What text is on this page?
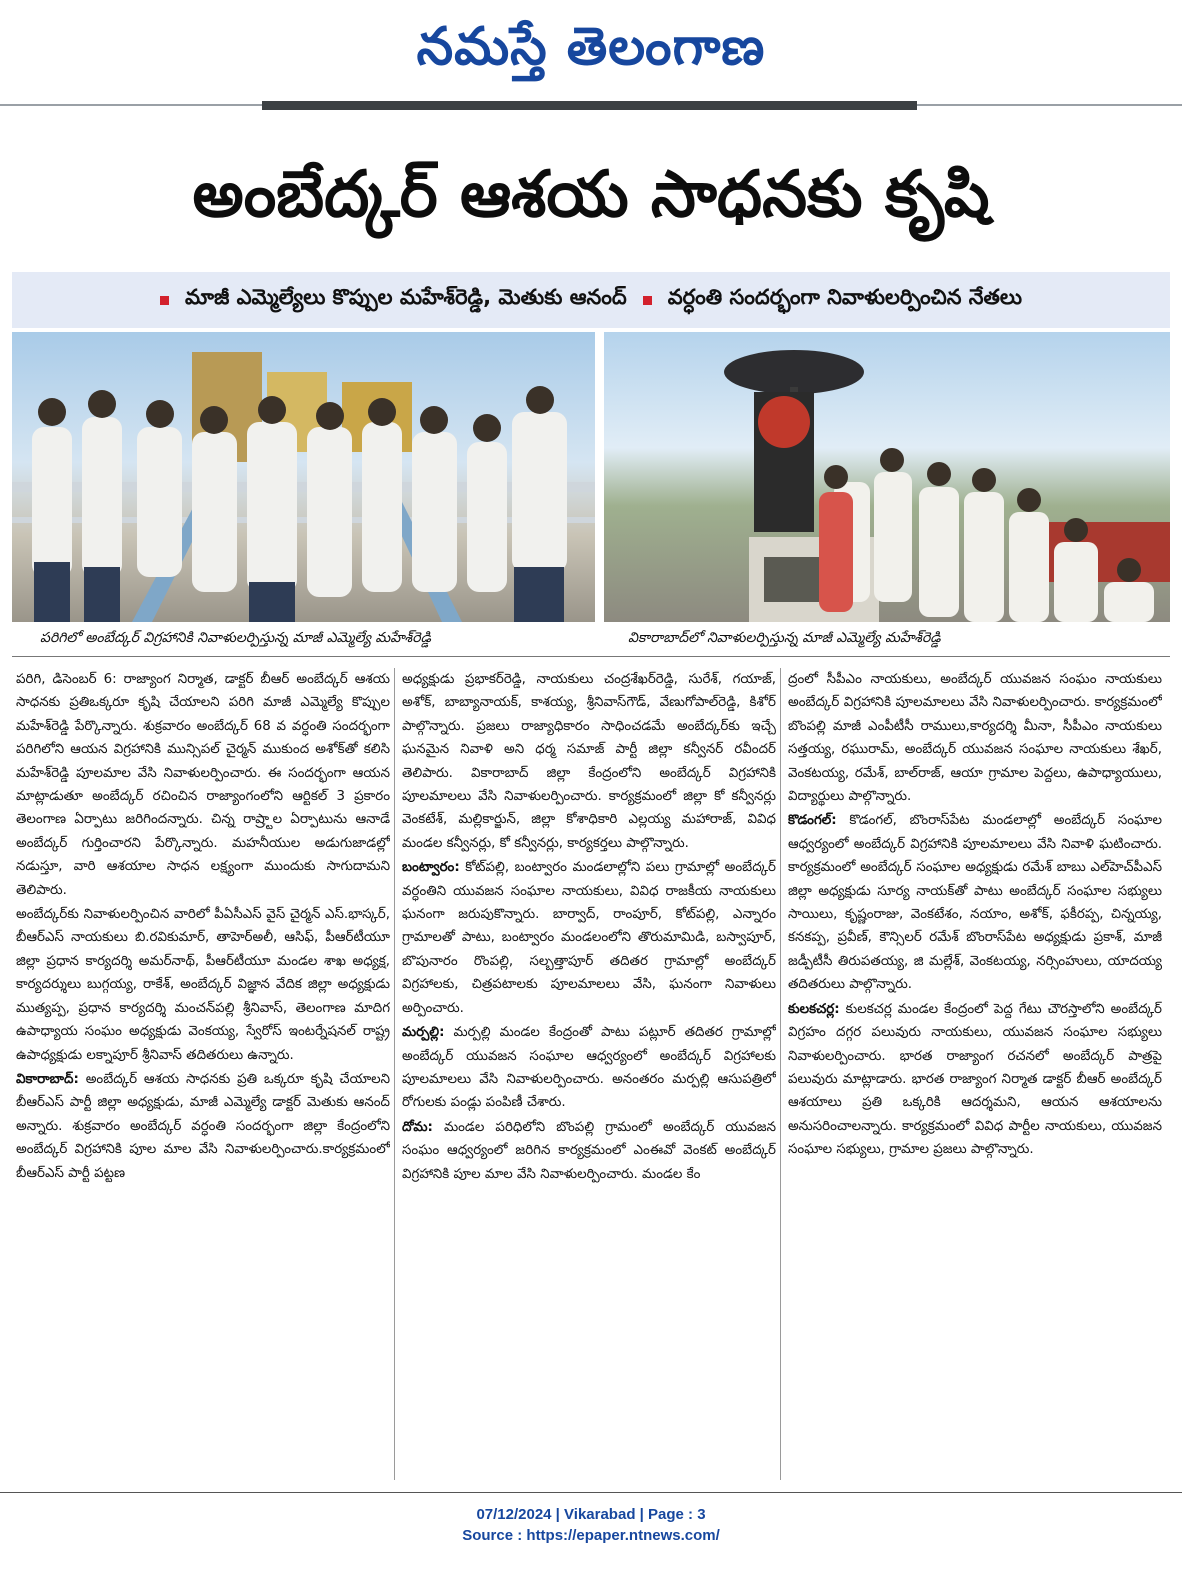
నమస్తే తెలంగాణ
అంబేద్కర్‌ ఆశయ సాధనకు కృషి
మాజీ ఎమ్మెల్యేలు కొప్పుల మహేశ్‌రెడ్డి, మెతుకు ఆనంద్‌ వర్ధంతి సందర్భంగా నివాళులర్పించిన నేతలు
పరిగిలో అంబేద్కర్‌ విగ్రహానికి నివాళులర్పిస్తున్న మాజీ ఎమ్మెల్యే మహేశ్‌రెడ్డి	వికారాబాద్‌లో నివాళులర్పిస్తున్న మాజీ ఎమ్మెల్యే మహేశ్‌రెడ్డి

పరిగి, డిసెంబర్‌ 6: రాజ్యాంగ నిర్మాత, డాక్టర్‌ బీఆర్‌ అంబేద్కర్‌ ఆశయ సాధనకు ప్రతిఒక్కరూ కృషి చేయాలని పరిగి మాజీ ఎమ్మెల్యే కొప్పుల మహేశ్‌రెడ్డి పేర్కొన్నారు. శుక్రవారం అంబేద్కర్‌ 68 వ వర్ధంతి సందర్భంగా పరిగిలోని ఆయన విగ్రహానికి మున్సిపల్‌ చైర్మన్‌ ముకుంద అశోక్‌తో కలిసి మహేశ్‌రెడ్డి పూలమాల వేసి నివాళులర్పించారు. ఈ సందర్భంగా ఆయన మాట్లాడుతూ అంబేద్కర్‌ రచించిన రాజ్యాంగంలోని ఆర్టికల్‌ 3 ప్రకారం తెలంగాణ ఏర్పాటు జరిగిందన్నారు. చిన్న రాష్ర్టాల ఏర్పాటును ఆనాడే అంబేద్కర్‌ గుర్తించారని పేర్కొన్నారు. మహనీయుల అడుగుజాడల్లో నడుస్తూ, వారి ఆశయాల సాధన లక్ష్యంగా ముందుకు సాగుదామని తెలిపారు.

అంబేద్కర్‌కు నివాళులర్పించిన వారిలో పీఏసీఎస్‌ వైస్‌ చైర్మన్‌ ఎస్‌.భాస్కర్‌, బీఆర్‌ఎస్‌ నాయకులు బి.రవికుమార్‌, తాహెర్‌అలీ, ఆసిఫ్‌, పీఆర్‌టీయూ జిల్లా ప్రధాన కార్యదర్శి అమర్‌నాథ్‌, పీఆర్‌టీయూ మండల శాఖ అధ్యక్ష, కార్యదర్శులు బుగ్గయ్య, రాకేశ్‌, అంబేద్కర్‌ విజ్ఞాన వేదిక జిల్లా అధ్యక్షుడు ముత్యప్ప, ప్రధాన కార్యదర్శి మంచన్‌పల్లి శ్రీనివాస్‌, తెలంగాణ మాదిగ ఉపాధ్యాయ సంఘం అధ్యక్షుడు వెంకయ్య, స్వేరోస్‌ ఇంటర్నేషనల్‌ రాష్ట్ర ఉపాధ్యక్షుడు లక్నాపూర్‌ శ్రీనివాస్‌ తదితరులు ఉన్నారు.

వికారాబాద్‌: అంబేద్కర్‌ ఆశయ సాధనకు ప్రతి ఒక్కరూ కృషి చేయాలని బీఆర్‌ఎస్‌ పార్టీ జిల్లా అధ్యక్షుడు, మాజీ ఎమ్మెల్యే డాక్టర్‌ మెతుకు ఆనంద్‌ అన్నారు. శుక్రవారం అంబేద్కర్‌ వర్ధంతి సందర్భంగా జిల్లా కేంద్రంలోని అంబేద్కర్‌ విగ్రహానికి పూల మాల వేసి నివాళులర్పించారు.కార్యక్రమంలో బీఆర్‌ఎస్‌ పార్టీ పట్టణ

అధ్యక్షుడు ప్రభాకర్‌రెడ్డి, నాయకులు చంద్రశేఖర్‌రెడ్డి, సురేశ్‌, గయాజ్‌, అశోక్‌, బాబ్యానాయక్‌, కాశయ్య, శ్రీనివాస్‌గౌడ్‌, వేణుగోపాల్‌రెడ్డి, కిశోర్‌ పాల్గొన్నారు. ప్రజలు రాజ్యాధికారం సాధించడమే అంబేద్కర్‌కు ఇచ్చే ఘనమైన నివాళి అని ధర్మ సమాజ్‌ పార్టీ జిల్లా కన్వీనర్‌ రవీందర్‌ తెలిపారు. వికారాబాద్‌ జిల్లా కేంద్రంలోని అంబేద్కర్‌ విగ్రహానికి పూలమాలలు వేసి నివాళులర్పించారు. కార్యక్రమంలో జిల్లా కో కన్వీనర్లు వెంకటేశ్‌, మల్లికార్జున్‌, జిల్లా కోశాధికారి ఎల్లయ్య మహారాజ్‌, వివిధ మండల కన్వీనర్లు, కో కన్వీనర్లు, కార్యకర్తలు పాల్గొన్నారు.

బంట్వారం: కోట్‌పల్లి, బంట్వారం మండలాల్లోని పలు గ్రామాల్లో అంబేద్కర్‌ వర్ధంతిని యువజన సంఘాల నాయకులు, వివిధ రాజకీయ నాయకులు ఘనంగా జరుపుకొన్నారు. బార్వాద్‌, రాంపూర్‌, కోట్‌పల్లి, ఎన్నారం గ్రామాలతో పాటు, బంట్వారం మండలంలోని తొరుమామిడి, బస్వాపూర్‌, బొపునారం రొంపల్లి, సల్బత్తాపూర్‌ తదితర గ్రామాల్లో అంబేద్కర్‌ విగ్రహాలకు, చిత్రపటాలకు పూలమాలలు వేసి, ఘనంగా నివాళులు అర్పించారు.

మర్పల్లి: మర్పల్లి మండల కేంద్రంతో పాటు పట్లూర్‌ తదితర గ్రామాల్లో అంబేద్కర్‌ యువజన సంఘాల ఆధ్వర్యంలో అంబేద్కర్‌ విగ్రహాలకు పూలమాలలు వేసి నివాళులర్పించారు. అనంతరం మర్పల్లి ఆసుపత్రిలో రోగులకు పండ్లు పంపిణీ చేశారు.

దోమ: మండల పరిధిలోని బొంపల్లి గ్రామంలో అంబేద్కర్‌ యువజన సంఘం ఆధ్వర్యంలో జరిగిన కార్యక్రమంలో ఎంఈవో వెంకట్‌ అంబేద్కర్‌ విగ్రహానికి పూల మాల వేసి నివాళులర్పించారు. మండల కేం

ద్రంలో సీపీఎం నాయకులు, అంబేద్కర్‌ యువజన సంఘం నాయకులు అంబేద్కర్‌ విగ్రహానికి పూలమాలలు వేసి నివాళులర్పించారు. కార్యక్రమంలో బొంపల్లి మాజీ ఎంపీటీసీ రాములు,కార్యదర్శి మీనా, సీపీఎం నాయకులు సత్తయ్య, రఘురామ్‌, అంబేద్కర్‌ యువజన సంఘాల నాయకులు శేఖర్‌, వెంకటయ్య, రమేశ్‌, బాల్‌రాజ్‌, ఆయా గ్రామాల పెద్దలు, ఉపాధ్యాయులు, విద్యార్థులు పాల్గొన్నారు.

కొడంగల్‌: కొడంగల్‌, బొంరాస్‌పేట మండలాల్లో అంబేద్కర్‌ సంఘాల ఆధ్వర్యంలో అంబేద్కర్‌ విగ్రహానికి పూలమాలలు వేసి నివాళి ఘటించారు. కార్యక్రమంలో అంబేద్కర్‌ సంఘాల అధ్యక్షుడు రమేశ్‌ బాబు ఎల్‌హెచ్‌పీఎస్‌ జిల్లా అధ్యక్షుడు సూర్య నాయక్‌తో పాటు అంబేద్కర్‌ సంఘాల సభ్యులు సాయిలు, కృష్ణంరాజు, వెంకటేశం, నయాం, అశోక్‌, ఫకీరప్ప, చిన్నయ్య, కనకప్ప, ప్రవీణ్‌, కౌన్సిలర్‌ రమేశ్‌ బొంరాస్‌పేట అధ్యక్షుడు ప్రకాశ్‌, మాజీ జడ్పీటీసీ తిరుపతయ్య, జి మల్లేశ్‌, వెంకటయ్య, నర్సింహులు, యాదయ్య తదితరులు పాల్గొన్నారు.

కులకచర్ల: కులకచర్ల మండల కేంద్రంలో పెద్ద గేటు చౌరస్తాలోని అంబేద్కర్‌ విగ్రహం దగ్గర పలువురు నాయకులు, యువజన సంఘాల సభ్యులు నివాళులర్పించారు. భారత రాజ్యాంగ రచనలో అంబేద్కర్‌ పాత్రపై పలువురు మాట్లాడారు. భారత రాజ్యాంగ నిర్మాత డాక్టర్‌ బీఆర్‌ అంబేద్కర్‌ ఆశయాలు ప్రతి ఒక్కరికి ఆదర్శమని, ఆయన ఆశయాలను అనుసరించాలన్నారు. కార్యక్రమంలో వివిధ పార్టీల నాయకులు, యువజన సంఘాల సభ్యులు, గ్రామాల ప్రజలు పాల్గొన్నారు.

07/12/2024 | Vikarabad | Page : 3
Source : https://epaper.ntnews.com/
